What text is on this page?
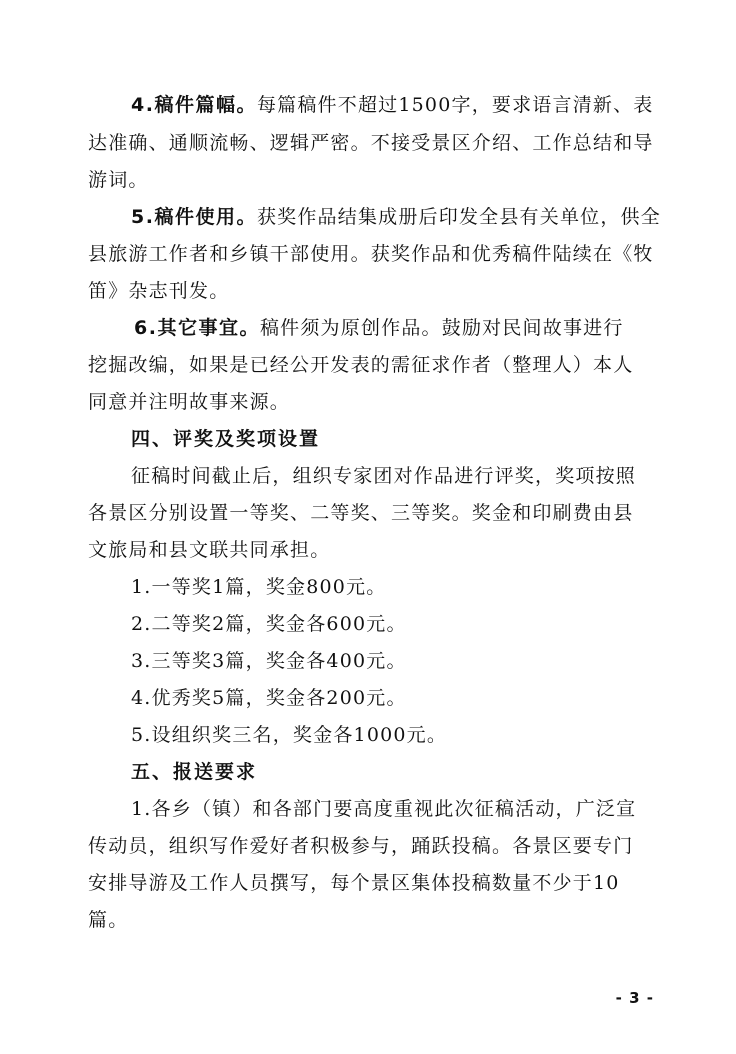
4.稿件篇幅。每篇稿件不超过1500字，要求语言清新、表
达准确、通顺流畅、逻辑严密。不接受景区介绍、工作总结和导
游词。
5.稿件使用。获奖作品结集成册后印发全县有关单位，供全
县旅游工作者和乡镇干部使用。获奖作品和优秀稿件陆续在《牧
笛》杂志刊发。
6.其它事宜。稿件须为原创作品。鼓励对民间故事进行
挖掘改编，如果是已经公开发表的需征求作者（整理人）本人
同意并注明故事来源。
四、评奖及奖项设置
征稿时间截止后，组织专家团对作品进行评奖，奖项按照
各景区分别设置一等奖、二等奖、三等奖。奖金和印刷费由县
文旅局和县文联共同承担。
1.一等奖1篇，奖金800元。
2.二等奖2篇，奖金各600元。
3.三等奖3篇，奖金各400元。
4.优秀奖5篇，奖金各200元。
5.设组织奖三名，奖金各1000元。
五、报送要求
1.各乡（镇）和各部门要高度重视此次征稿活动，广泛宣
传动员，组织写作爱好者积极参与，踊跃投稿。各景区要专门
安排导游及工作人员撰写，每个景区集体投稿数量不少于10
篇。
- 3 -
